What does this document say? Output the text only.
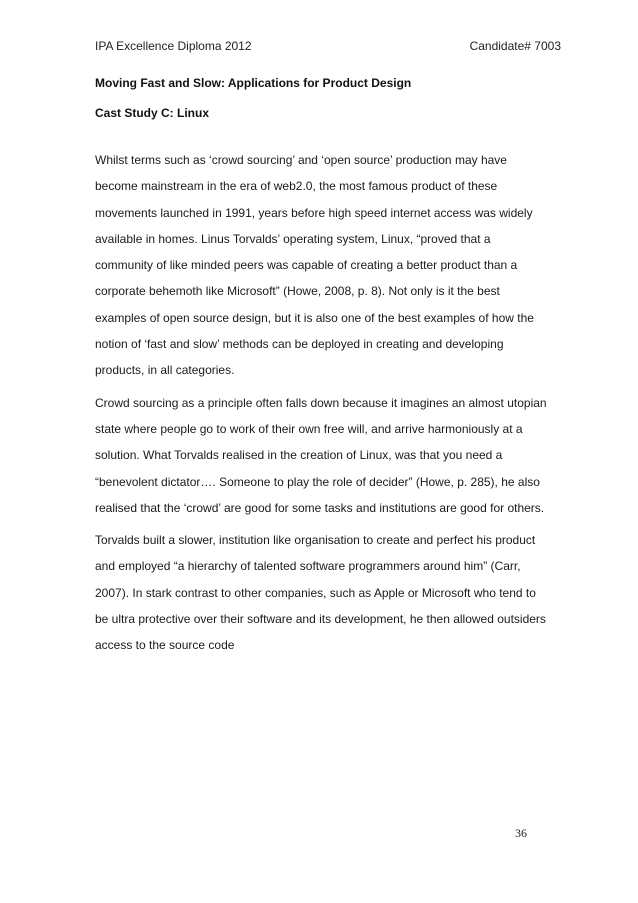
IPA Excellence Diploma 2012	Candidate# 7003
Moving Fast and Slow: Applications for Product Design
Cast Study C: Linux

Whilst terms such as ‘crowd sourcing’ and ‘open source’ production may have
become mainstream in the era of web2.0, the most famous product of these
movements launched in 1991, years before high speed internet access was widely
available in homes. Linus Torvalds’ operating system, Linux, “proved that a
community of like minded peers was capable of creating a better product than a
corporate behemoth like Microsoft” (Howe, 2008, p. 8). Not only is it the best
examples of open source design, but it is also one of the best examples of how the
notion of ‘fast and slow’ methods can be deployed in creating and developing
products, in all categories.

Crowd sourcing as a principle often falls down because it imagines an almost utopian
state where people go to work of their own free will, and arrive harmoniously at a
solution. What Torvalds realised in the creation of Linux, was that you need a
“benevolent dictator…. Someone to play the role of decider” (Howe, p. 285), he also
realised that the ‘crowd’ are good for some tasks and institutions are good for others.

Torvalds built a slower, institution like organisation to create and perfect his product
and employed “a hierarchy of talented software programmers around him” (Carr,
2007). In stark contrast to other companies, such as Apple or Microsoft who tend to
be ultra protective over their software and its development, he then allowed outsiders
access to the source code

36
